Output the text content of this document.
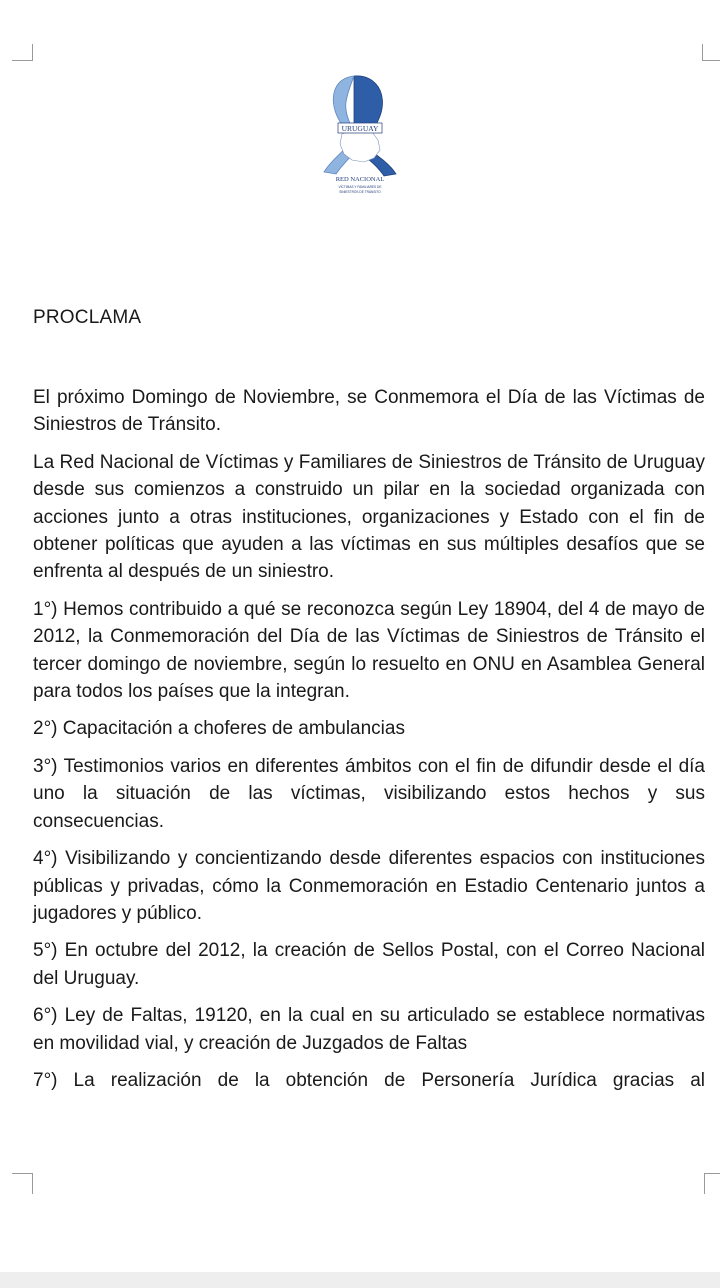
URUGUAY
RED NACIONAL
VÍCTIMAS Y FAMILIARES DE
SINIESTROS DE TRÁNSITO
PROCLAMA

El próximo Domingo de Noviembre, se Conmemora el Día de las Víctimas de Siniestros de Tránsito.

La Red Nacional de Víctimas y Familiares de Siniestros de Tránsito de Uruguay desde sus comienzos a construido un pilar en la sociedad organizada con acciones junto a otras instituciones, organizaciones y Estado con el fin de obtener políticas que ayuden a las víctimas en sus múltiples desafíos que se enfrenta al después de un siniestro.

1°) Hemos contribuido a qué se reconozca según Ley 18904, del 4 de mayo de 2012, la Conmemoración del Día de las Víctimas de Siniestros de Tránsito el tercer domingo de noviembre, según lo resuelto en ONU en Asamblea General para todos los países que la integran.

2°) Capacitación a choferes de ambulancias

3°) Testimonios varios en diferentes ámbitos con el fin de difundir desde el día uno la situación de las víctimas, visibilizando estos hechos y sus consecuencias.

4°) Visibilizando y concientizando desde diferentes espacios con instituciones públicas y privadas, cómo la Conmemoración en Estadio Centenario juntos a jugadores y público.

5°) En octubre del 2012, la creación de Sellos Postal, con el Correo Nacional del Uruguay.

6°) Ley de Faltas, 19120, en la cual en su articulado se establece normativas en movilidad vial, y creación de Juzgados de Faltas

7°) La realización de la obtención de Personería Jurídica gracias al
